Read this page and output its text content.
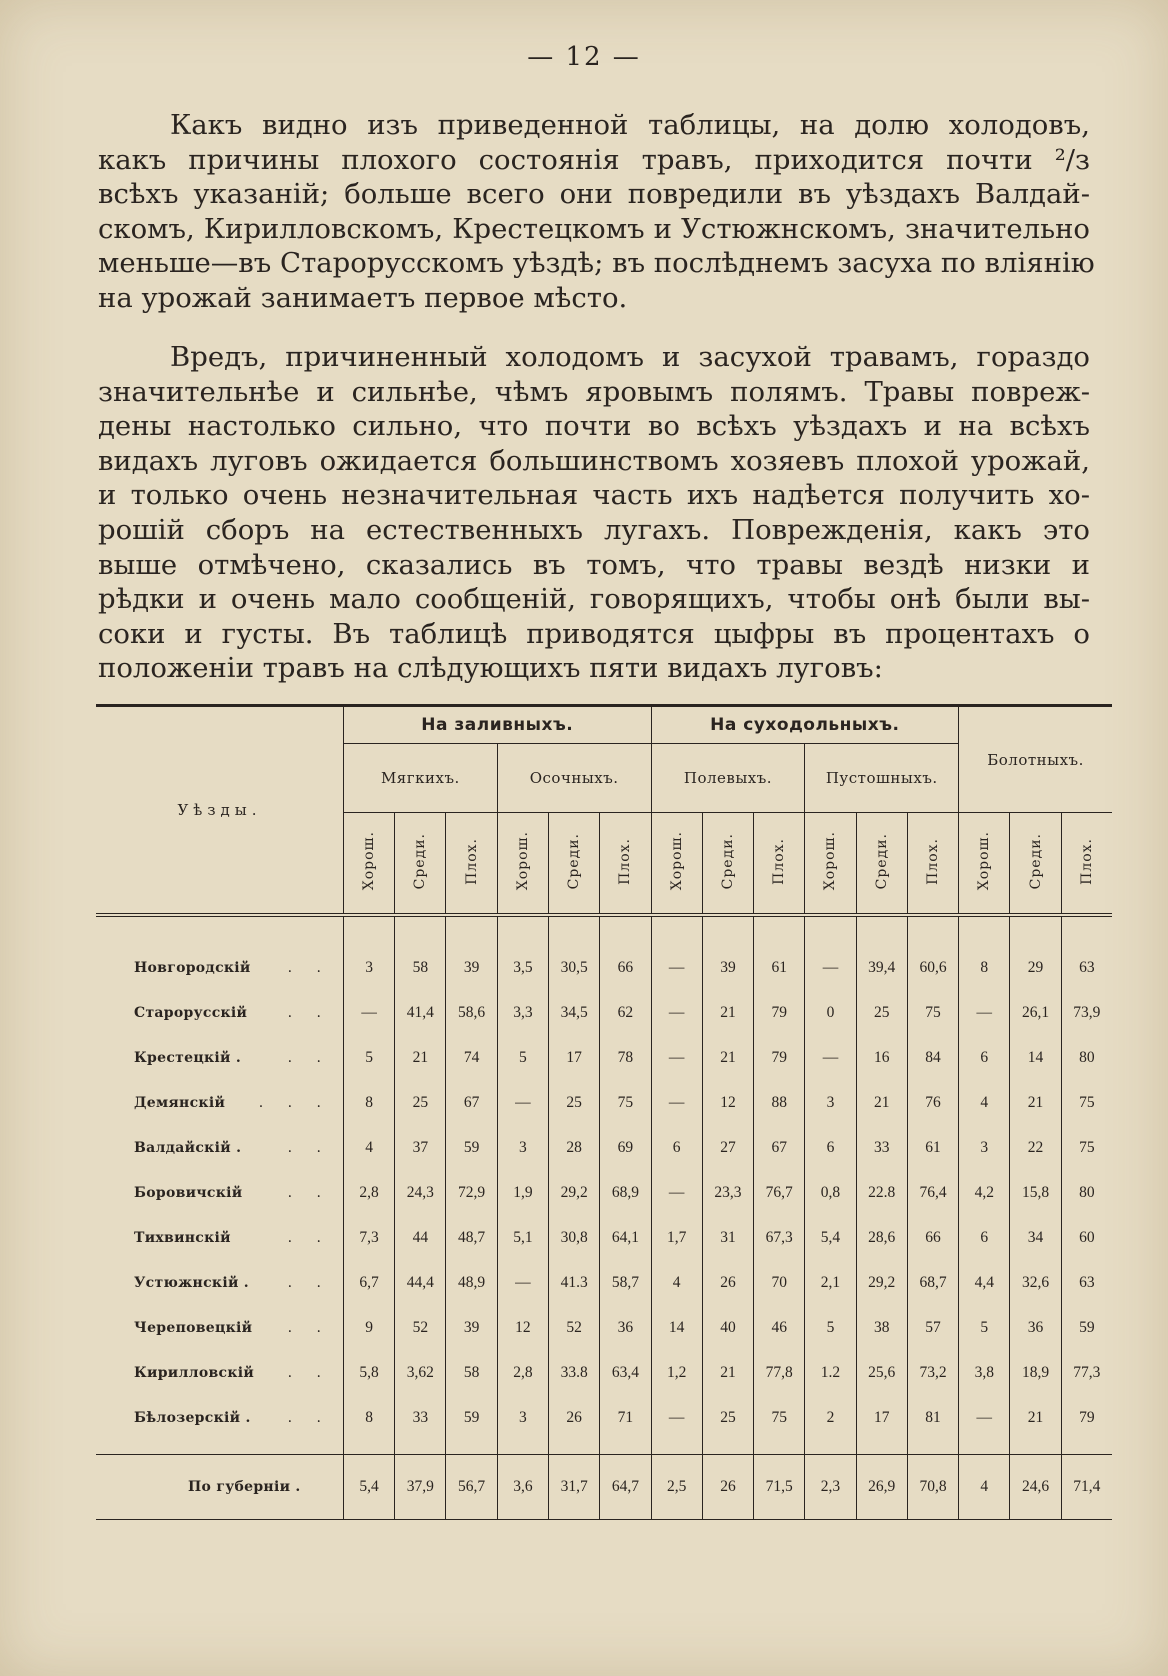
— 12 —
Какъ видно изъ приведенной таблицы, на долю холодовъ,
какъ причины плохого состоянія травъ, приходится почти ²/з
всѣхъ указаній; больше всего они повредили въ уѣздахъ Валдай-
скомъ, Кирилловскомъ, Крестецкомъ и Устюжнскомъ, значительно
меньше—въ Старорусскомъ уѣздѣ; въ послѣднемъ засуха по вліянію
на урожай занимаетъ первое мѣсто.
Вредъ, причиненный холодомъ и засухой травамъ, гораздо
значительнѣе и сильнѣе, чѣмъ яровымъ полямъ. Травы повреж-
дены настолько сильно, что почти во всѣхъ уѣздахъ и на всѣхъ
видахъ луговъ ожидается большинствомъ хозяевъ плохой урожай,
и только очень незначительная часть ихъ надѣется получить хо-
рошій сборъ на естественныхъ лугахъ. Поврежденія, какъ это
выше отмѣчено, сказались въ томъ, что травы вездѣ низки и
рѣдки и очень мало сообщеній, говорящихъ, чтобы онѣ были вы-
соки и густы. Въ таблицѣ приводятся цыфры въ процентахъ о
положеніи травъ на слѣдующихъ пяти видахъ луговъ:
Уѣзды.	На заливныхъ.						На суходольныхъ.						Болотныхъ.		
	Мягкихъ.			Осочныхъ.			Полевыхъ.			Пустошныхъ.					
	Хорош.	Среди.	Плох.	Хорош.	Среди.	Плох.	Хорош.	Среди.	Плох.	Хорош.	Среди.	Плох.	Хорош.	Среди.	Плох.

Новгородскій . .	3	58	39	3,5	30,5	66	—	39	61	—	39,4	60,6	8	29	63
Старорусскій . .	—	41,4	58,6	3,3	34,5	62	—	21	79	0	25	75	—	26,1	73,9
Крестецкій . . .	5	21	74	5	17	78	—	21	79	—	16	84	6	14	80
Демянскій . . .	8	25	67	—	25	75	—	12	88	3	21	76	4	21	75
Валдайскій . . .	4	37	59	3	28	69	6	27	67	6	33	61	3	22	75
Боровичскій . .	2,8	24,3	72,9	1,9	29,2	68,9	—	23,3	76,7	0,8	22.8	76,4	4,2	15,8	80
Тихвинскій . .	7,3	44	48,7	5,1	30,8	64,1	1,7	31	67,3	5,4	28,6	66	6	34	60
Устюжнскій . . .	6,7	44,4	48,9	—	41.3	58,7	4	26	70	2,1	29,2	68,7	4,4	32,6	63
Череповецкій . .	9	52	39	12	52	36	14	40	46	5	38	57	5	36	59
Кирилловскій . .	5,8	3,62	58	2,8	33.8	63,4	1,2	21	77,8	1.2	25,6	73,2	3,8	18,9	77,3
Бѣлозерскій . . .	8	33	59	3	26	71	—	25	75	2	17	81	—	21	79

По губерніи .	5,4	37,9	56,7	3,6	31,7	64,7	2,5	26	71,5	2,3	26,9	70,8	4	24,6	71,4
